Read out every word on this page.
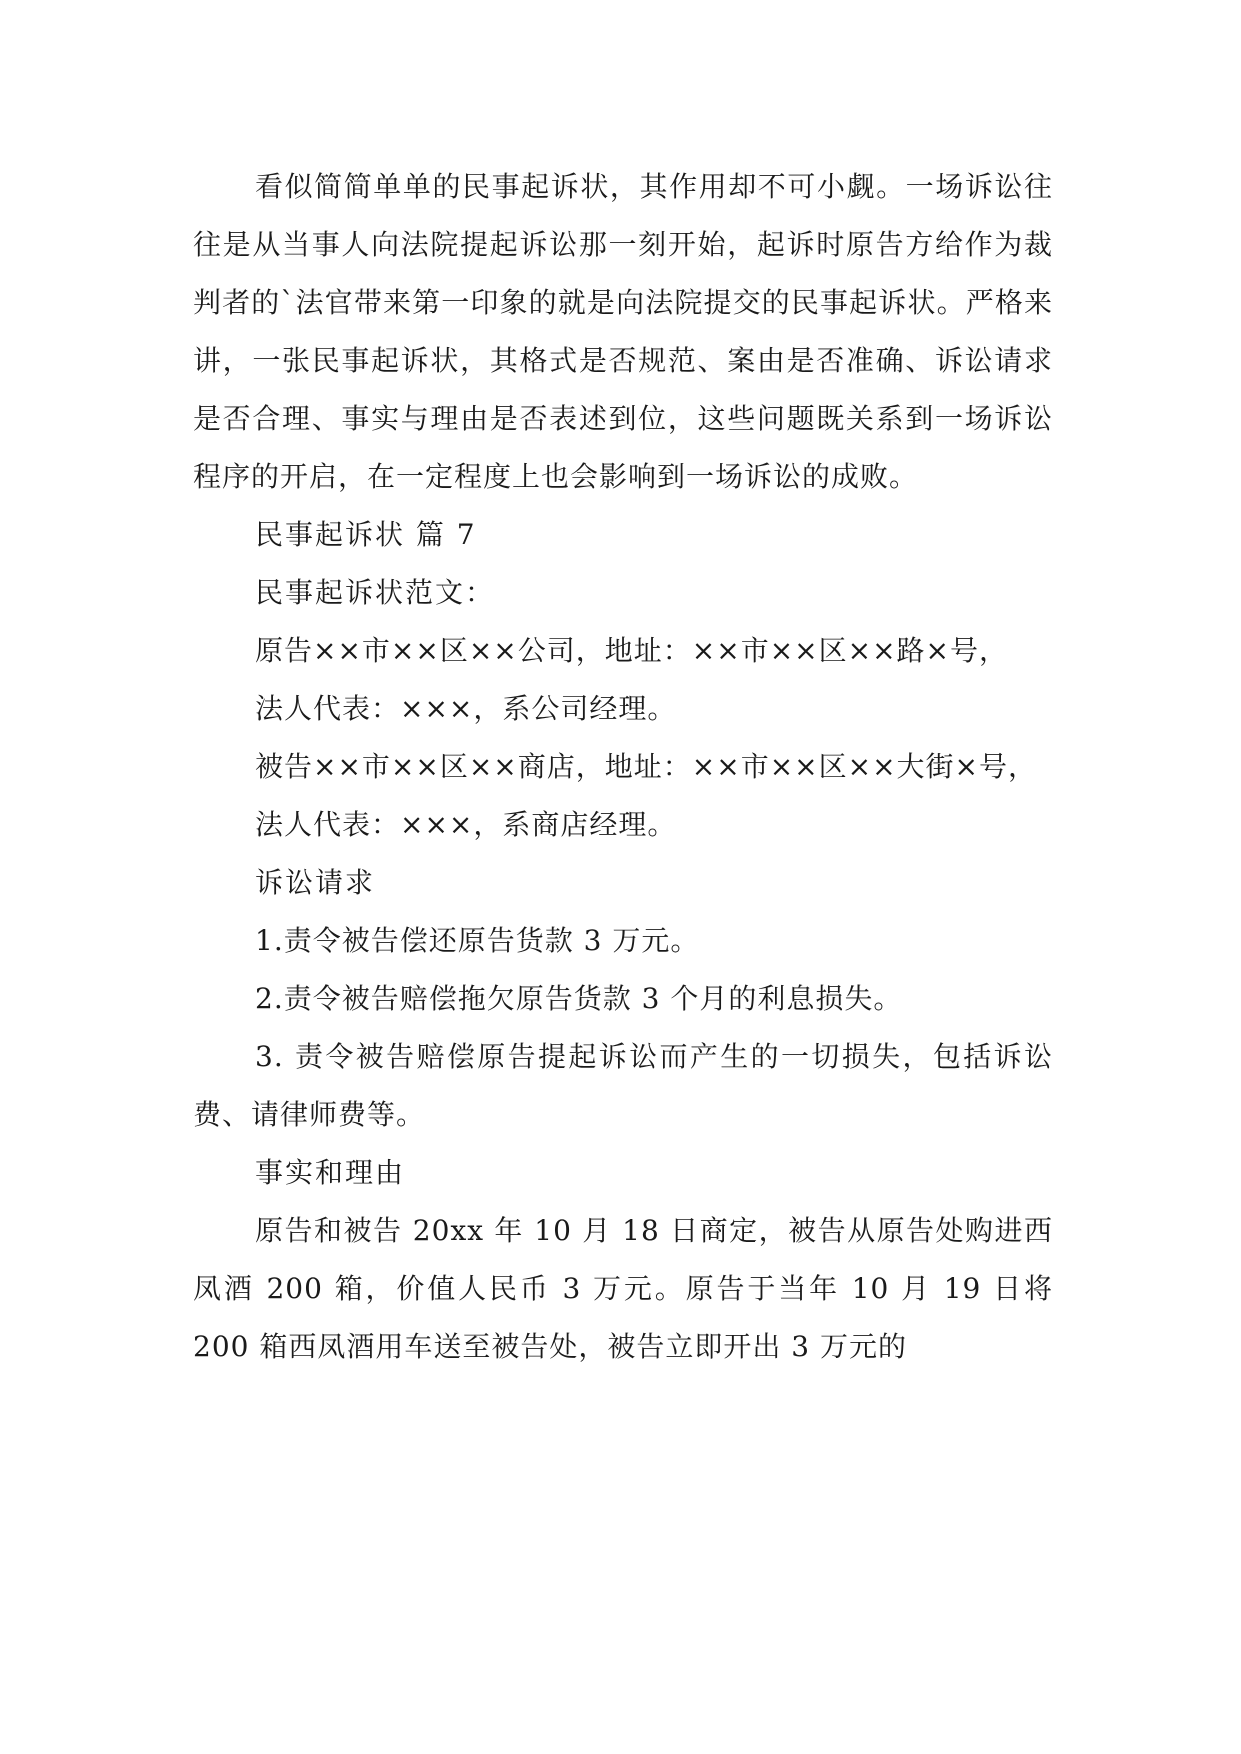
看似简简单单的民事起诉状，其作用却不可小觑。一场诉讼往往是从当事人向法院提起诉讼那一刻开始，起诉时原告方给作为裁判者的`法官带来第一印象的就是向法院提交的民事起诉状。严格来讲，一张民事起诉状，其格式是否规范、案由是否准确、诉讼请求是否合理、事实与理由是否表述到位，这些问题既关系到一场诉讼程序的开启，在一定程度上也会影响到一场诉讼的成败。

民事起诉状 篇 7

民事起诉状范文：

原告××市××区××公司，地址：××市××区××路×号，

法人代表：×××，系公司经理。

被告××市××区××商店，地址：××市××区××大街×号，

法人代表：×××，系商店经理。

诉讼请求

1.责令被告偿还原告货款 3 万元。

2.责令被告赔偿拖欠原告货款 3 个月的利息损失。

3. 责令被告赔偿原告提起诉讼而产生的一切损失，包括诉讼费、请律师费等。

事实和理由

原告和被告 20xx 年 10 月 18 日商定，被告从原告处购进西凤酒 200 箱，价值人民币 3 万元。原告于当年 10 月 19 日将 200 箱西凤酒用车送至被告处，被告立即开出 3 万元的
